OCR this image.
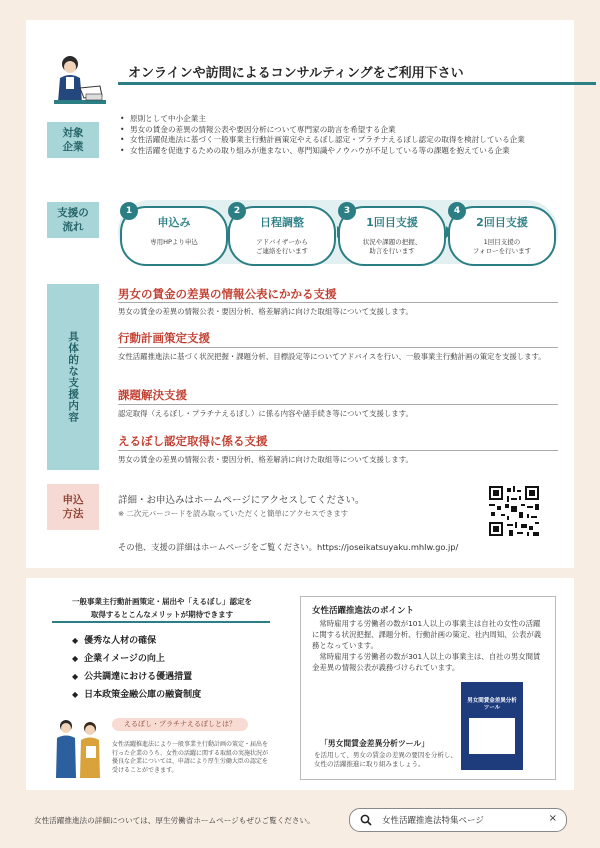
オンラインや訪問によるコンサルティングをご利用下さい
対象
企業
• 原則として中小企業主
• 男女の賃金の差異の情報公表や要因分析について専門家の助言を希望する企業
• 女性活躍促進法に基づく一般事業主行動計画策定やえるぼし認定・プラチナえるぼし認定の取得を検討している企業
• 女性活躍を促進するための取り組みが進まない、専門知識やノウハウが不足している等の課題を抱えている企業
支援の
流れ
1
申込み
専用HPより申込
2
日程調整
アドバイザーから
ご連絡を行います
3
1回目支援
状況や課題の把握、
助言を行います
4
2回目支援
1回目支援の
フォローを行います
具体的な支援内容
男女の賃金の差異の情報公表にかかる支援
男女の賃金の差異の情報公表・要因分析、格差解消に向けた取組等について支援します。
行動計画策定支援
女性活躍推進法に基づく状況把握・課題分析、目標設定等についてアドバイスを行い、一般事業主行動計画の策定を支援します。
課題解決支援
認定取得（えるぼし・プラチナえるぼし）に係る内容や諸手続き等について支援します。
えるぼし認定取得に係る支援
男女の賃金の差異の情報公表・要因分析、格差解消に向けた取組等について支援します。
申込
方法
詳細・お申込みはホームページにアクセスしてください。
※ 二次元バーコードを読み取っていただくと簡単にアクセスできます
その他、支援の詳細はホームページをご覧ください。https://joseikatsuyaku.mhlw.go.jp/
一般事業主行動計画策定・届出や「えるぼし」認定を
取得するとこんなメリットが期待できます
◆ 優秀な人材の確保
◆ 企業イメージの向上
◆ 公共調達における優遇措置
◆ 日本政策金融公庫の融資制度
えるぼし・プラチナえるぼしとは？
女性活躍推進法により一般事業主行動計画の策定・届出を行った企業のうち、女性の活躍に関する取組の実施状況が優良な企業については、申請により厚生労働大臣の認定を受けることができます。
女性活躍推進法のポイント

常時雇用する労働者の数が101人以上の事業主は自社の女性の活躍に関する状況把握、課題分析、行動計画の策定、社内周知、公表が義務となっています。

常時雇用する労働者の数が301人以上の事業主は、自社の男女間賃金差異の情報公表が義務づけられています。

「男女間賃金差異分析ツール」
を活用して、男女の賃金の差異の要因を分析し、女性の活躍推進に取り組みましょう。
男女間賃金差異分析ツール
女性活躍推進法の詳細については、厚生労働省ホームページもぜひご覧ください。	女性活躍推進法特集ページ	×
